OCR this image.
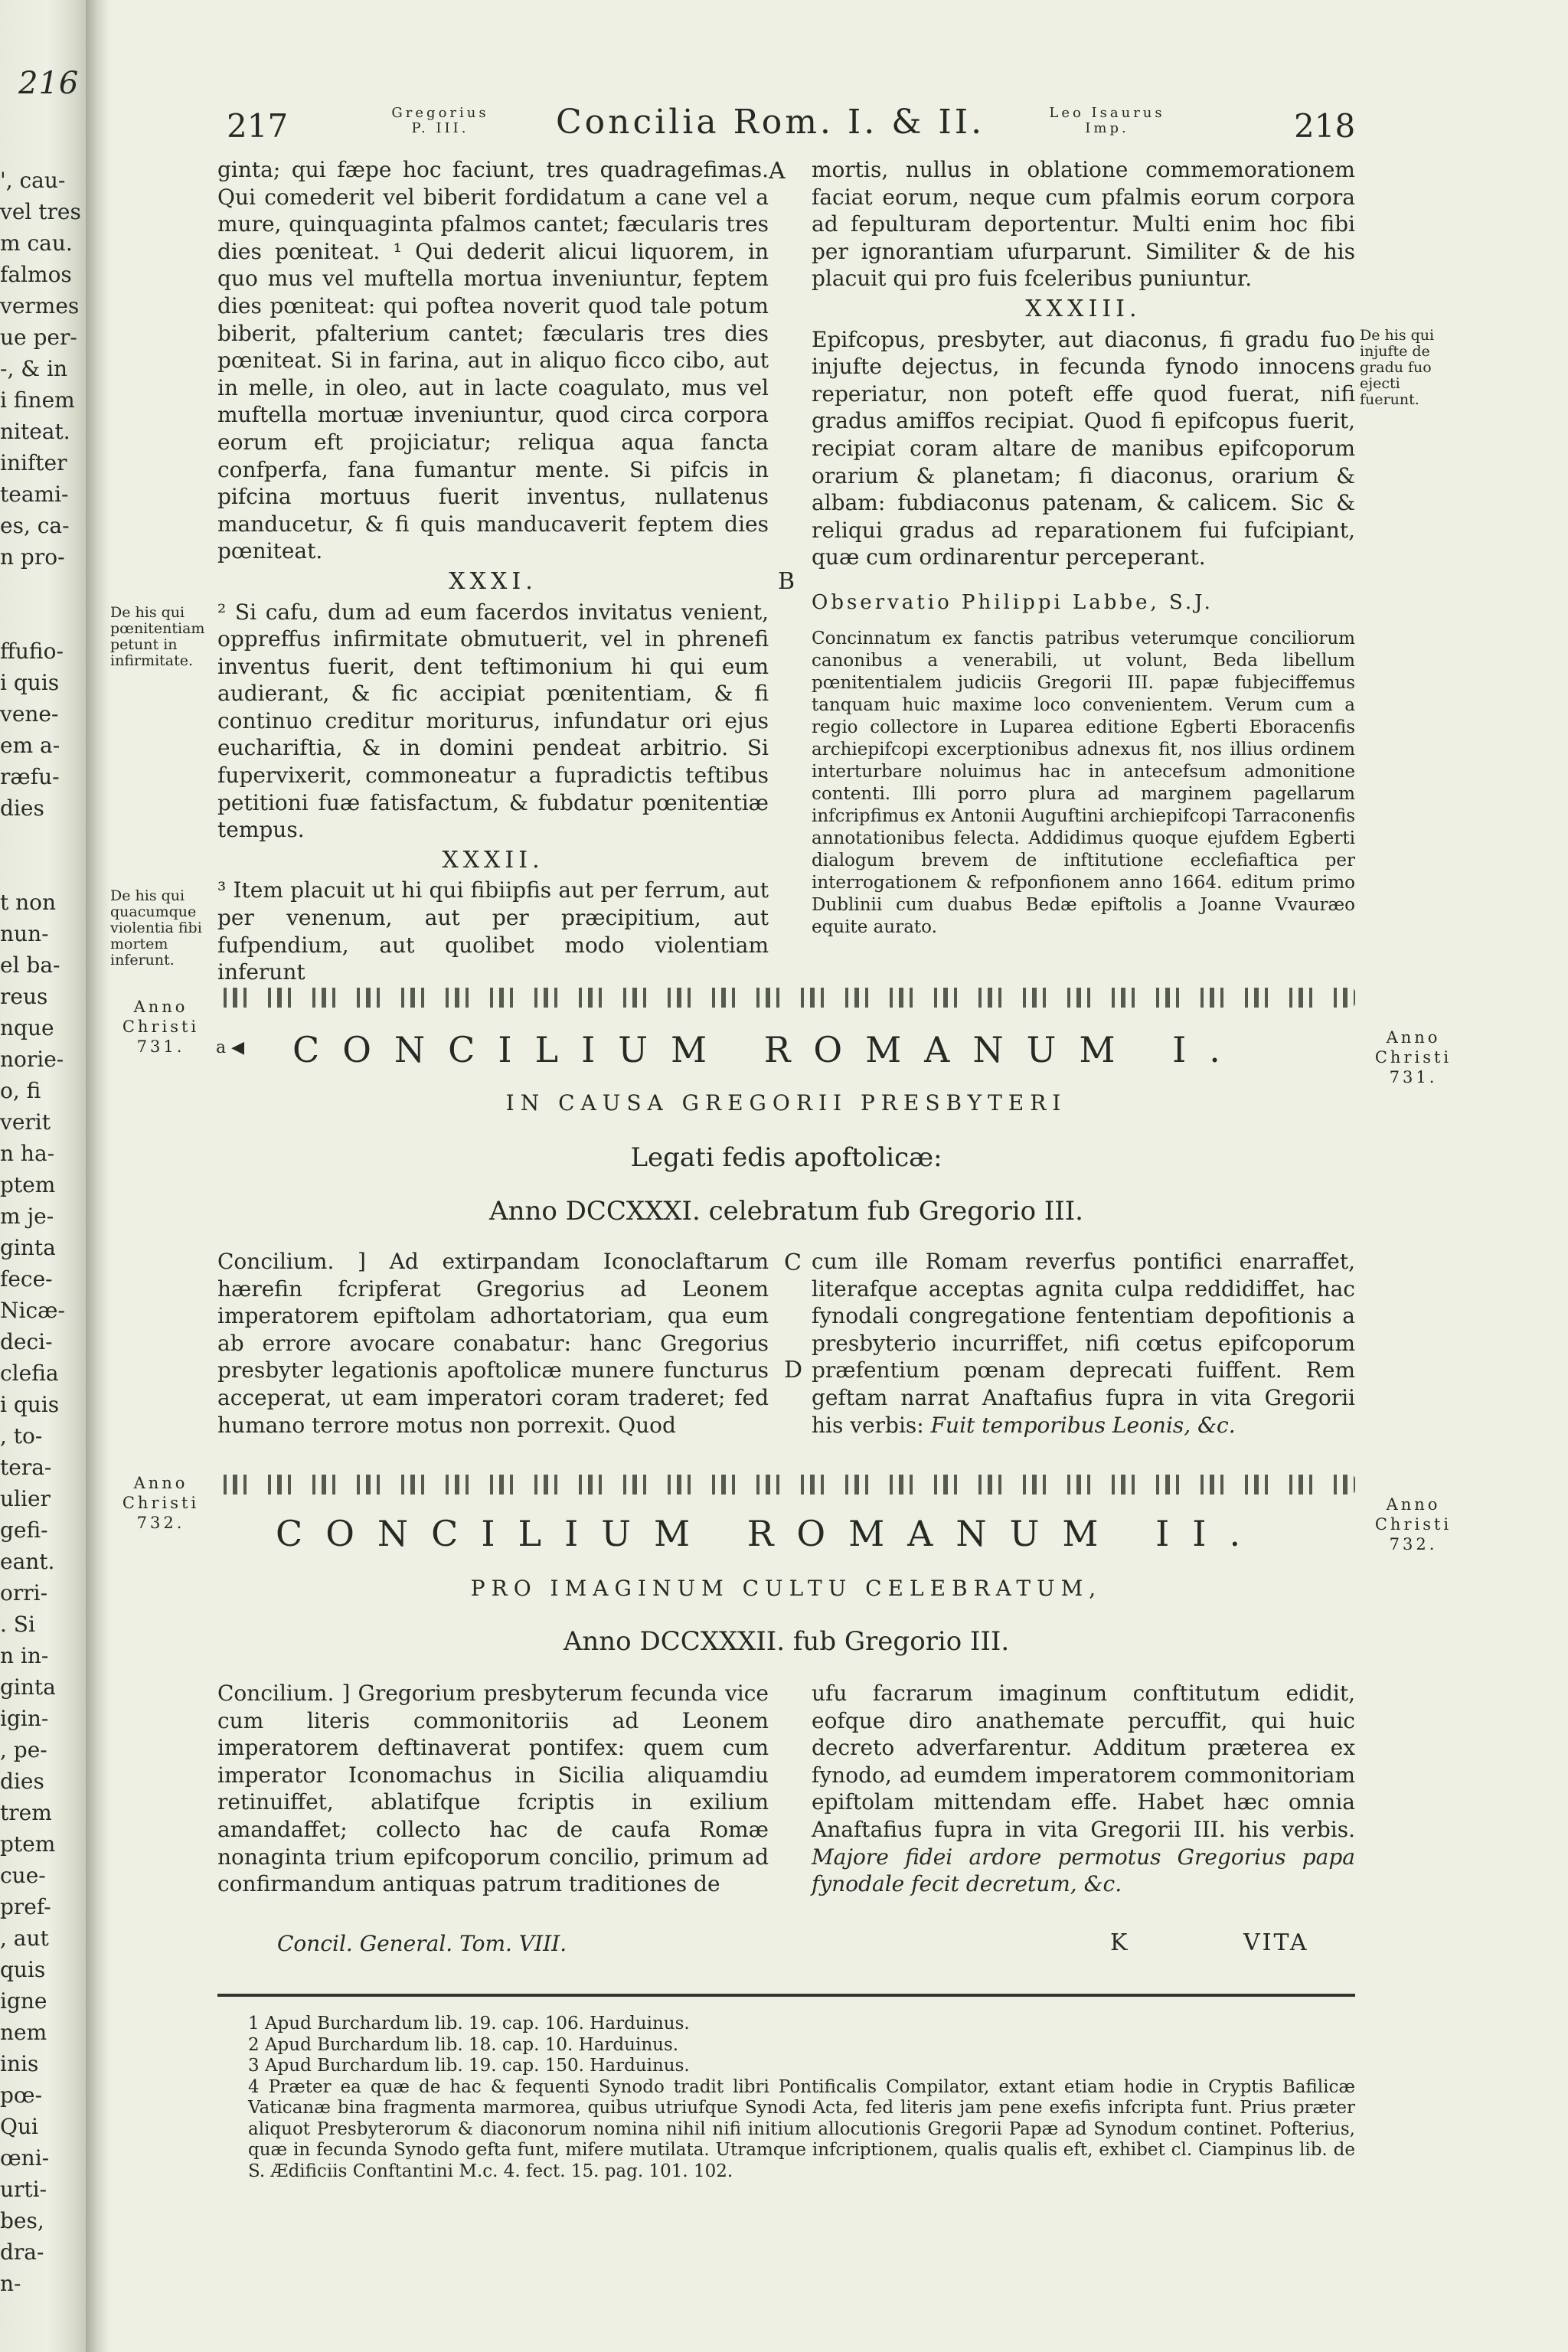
216
', cau-
vel tres
m cau.
falmos
vermes
ue per-
-, & in
i finem
niteat.
inifter
teami-
es, ca-
n pro-
ffufio-
i quis
vene-
em a-
ræfu-
dies
t non
nun-
el ba-
reus
nque
norie-
o, fi
verit
n ha-
ptem
m je-
ginta
fece-
Nicæ-
deci-
clefia
i quis
, to-
tera-
ulier
gefi-
eant.
orri-
. Si
n in-
ginta
igin-
, pe-
dies
trem
ptem
cue-
pref-
, aut
quis
igne
nem
inis
pœ-
Qui
œni-
urti-
bes,
dra-
n-
217	Gregorius P. III.	Concilia Rom. I. & II.	Leo Isaurus Imp.	218

ginta; qui fæpe hoc faciunt, tres quadragefimas. Qui comederit vel biberit fordidatum a cane vel a mure, quinquaginta pfalmos cantet; fæcularis tres dies pœniteat. ¹ Qui dederit alicui liquorem, in quo mus vel muftella mortua inveniuntur, feptem dies pœniteat: qui poftea noverit quod tale potum biberit, pfalterium cantet; fæcularis tres dies pœniteat. Si in farina, aut in aliquo ficco cibo, aut in melle, in oleo, aut in lacte coagulato, mus vel muftella mortuæ inveniuntur, quod circa corpora eorum eft projiciatur; reliqua aqua fancta confperfa, fana fumantur mente. Si pifcis in pifcina mortuus fuerit inventus, nullatenus manducetur, & fi quis manducaverit feptem dies pœniteat.

XXXI.

² Si cafu, dum ad eum facerdos invitatus venient, oppreffus infirmitate obmutuerit, vel in phrenefi inventus fuerit, dent teftimonium hi qui eum audierant, & fic accipiat pœnitentiam, & fi continuo creditur moriturus, infundatur ori ejus euchariftia, & in domini pendeat arbitrio. Si fupervixerit, commoneatur a fupradictis teftibus petitioni fuæ fatisfactum, & fubdatur pœnitentiæ tempus.

XXXII.

³ Item placuit ut hi qui fibiipfis aut per ferrum, aut per venenum, aut per præcipitium, aut fufpendium, aut quolibet modo violentiam inferunt

De his qui pœnitentiam petunt in infirmitate.
De his qui quacumque violentia fibi mortem inferunt.
A
B

mortis, nullus in oblatione commemorationem faciat eorum, neque cum pfalmis eorum corpora ad fepulturam deportentur. Multi enim hoc fibi per ignorantiam ufurparunt. Similiter & de his placuit qui pro fuis fceleribus puniuntur.

XXXIII.

Epifcopus, presbyter, aut diaconus, fi gradu fuo injufte dejectus, in fecunda fynodo innocens reperiatur, non poteft effe quod fuerat, nifi gradus amiffos recipiat. Quod fi epifcopus fuerit, recipiat coram altare de manibus epifcoporum orarium & planetam; fi diaconus, orarium & albam: fubdiaconus patenam, & calicem. Sic & reliqui gradus ad reparationem fui fufcipiant, quæ cum ordinarentur perceperant.

Observatio Philippi Labbe, S.J.

Concinnatum ex fanctis patribus veterumque conciliorum canonibus a venerabili, ut volunt, Beda libellum pœnitentialem judiciis Gregorii III. papæ fubjeciffemus tanquam huic maxime loco convenientem. Verum cum a regio collectore in Luparea editione Egberti Eboracenfis archiepifcopi excerptionibus adnexus fit, nos illius ordinem interturbare noluimus hac in antecefsum admonitione contenti. Illi porro plura ad marginem pagellarum infcripfimus ex Antonii Auguftini archiepifcopi Tarraconenfis annotationibus felecta. Addidimus quoque ejufdem Egberti dialogum brevem de inftitutione ecclefiaftica per interrogationem & refponfionem anno 1664. editum primo Dublinii cum duabus Bedæ epiftolis a Joanne Vvauræo equite aurato.

De his qui injufte de gradu fuo ejecti fuerunt.
Anno Christi 731.	Anno Christi 731.
a ◀ CONCILIUM ROMANUM I.
IN CAUSA GREGORII PRESBYTERI
Legati fedis apoftolicæ:
Anno DCCXXXI. celebratum fub Gregorio III.

Concilium. ] Ad extirpandam Iconoclaftarum hærefin fcripferat Gregorius ad Leonem imperatorem epiftolam adhortatoriam, qua eum ab errore avocare conabatur: hanc Gregorius presbyter legationis apoftolicæ munere functurus acceperat, ut eam imperatori coram traderet; fed humano terrore motus non porrexit. Quod

C
D

cum ille Romam reverfus pontifici enarraffet, literafque acceptas agnita culpa reddidiffet, hac fynodali congregatione fententiam depofitionis a presbyterio incurriffet, nifi cœtus epifcoporum præfentium pœnam deprecati fuiffent. Rem geftam narrat Anaftafius fupra in vita Gregorii his verbis: Fuit temporibus Leonis, &c.

Anno Christi 732.
Anno Christi 732.
CONCILIUM ROMANUM II.
PRO IMAGINUM CULTU CELEBRATUM,
Anno DCCXXXII. fub Gregorio III.

Concilium. ] Gregorium presbyterum fecunda vice cum literis commonitoriis ad Leonem imperatorem deftinaverat pontifex: quem cum imperator Iconomachus in Sicilia aliquamdiu retinuiffet, ablatifque fcriptis in exilium amandaffet; collecto hac de caufa Romæ nonaginta trium epifcoporum concilio, primum ad confirmandum antiquas patrum traditiones de

ufu facrarum imaginum conftitutum edidit, eofque diro anathemate percuffit, qui huic decreto adverfarentur. Additum præterea ex fynodo, ad eumdem imperatorem commonitoriam epiftolam mittendam effe. Habet hæc omnia Anaftafius fupra in vita Gregorii III. his verbis. Majore fidei ardore permotus Gregorius papa fynodale fecit decretum, &c.

Concil. General. Tom. VIII.	K	VITA
1 Apud Burchardum lib. 19. cap. 106. Harduinus.
2 Apud Burchardum lib. 18. cap. 10. Harduinus.
3 Apud Burchardum lib. 19. cap. 150. Harduinus.
4 Præter ea quæ de hac & fequenti Synodo tradit libri Pontificalis Compilator, extant etiam hodie in Cryptis Bafilicæ Vaticanæ bina fragmenta marmorea, quibus utriufque Synodi Acta, fed literis jam pene exefis infcripta funt. Prius præter aliquot Presbyterorum & diaconorum nomina nihil nifi initium allocutionis Gregorii Papæ ad Synodum continet. Pofterius, quæ in fecunda Synodo gefta funt, mifere mutilata. Utramque infcriptionem, qualis qualis eft, exhibet cl. Ciampinus lib. de S. Ædificiis Conftantini M.c. 4. fect. 15. pag. 101. 102.
